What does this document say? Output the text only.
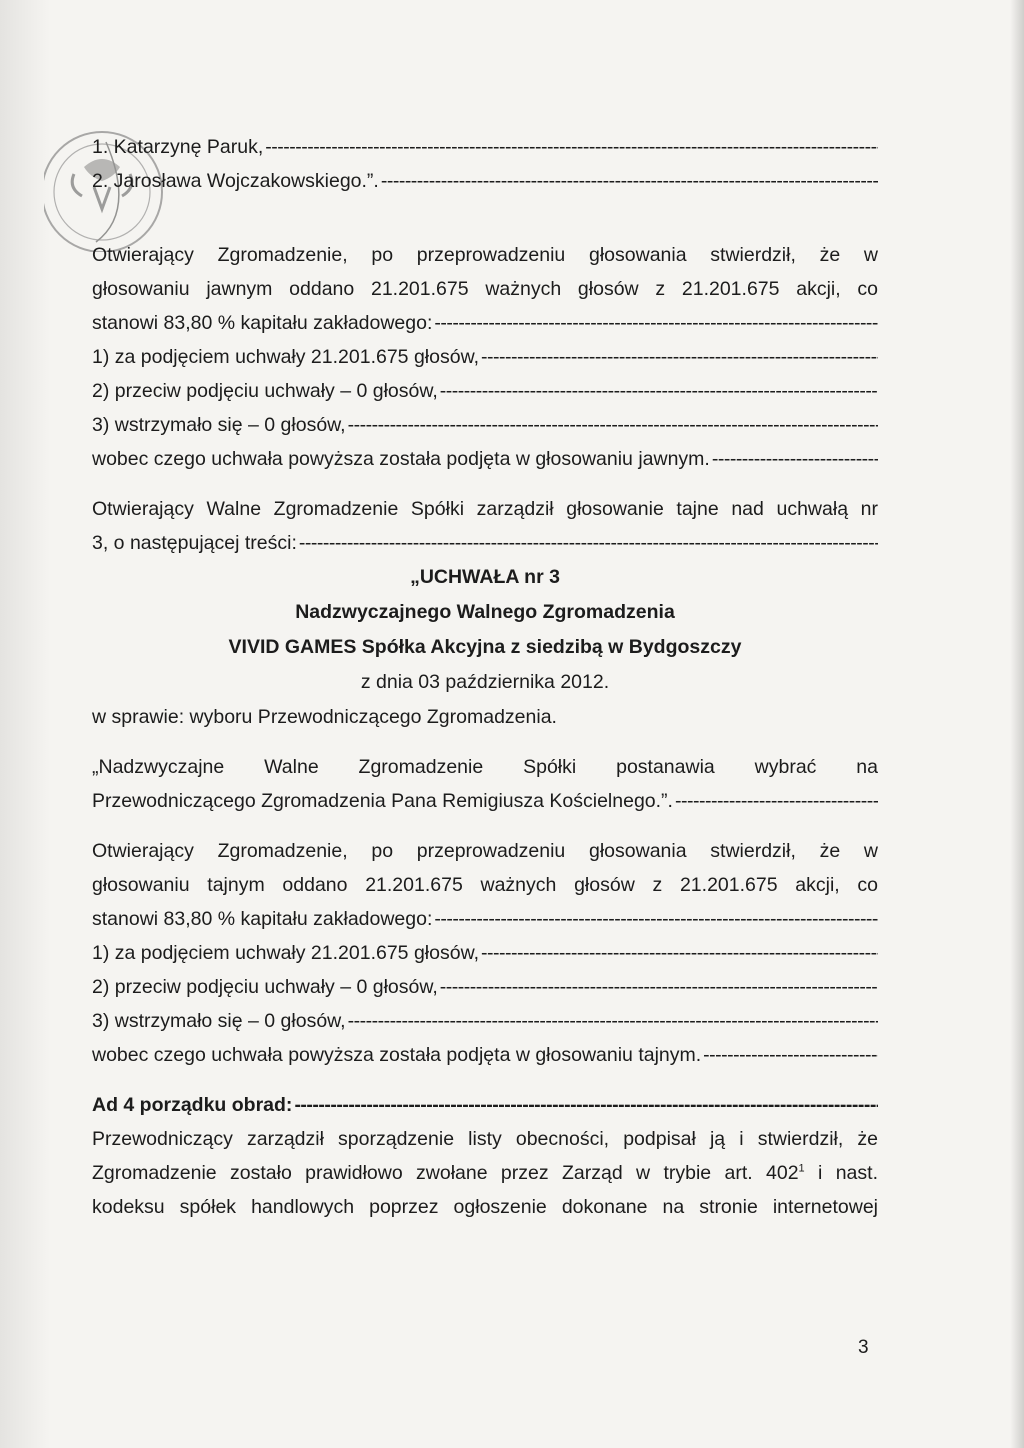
1. Katarzynę Paruk,
-----
2. Jarosława Wojczakowskiego.”.
-----
Otwierający Zgromadzenie, po przeprowadzeniu głosowania stwierdził, że w
głosowaniu jawnym oddano 21.201.675 ważnych głosów z 21.201.675 akcji, co
stanowi 83,80 % kapitału zakładowego:
-----
1) za podjęciem uchwały 21.201.675 głosów,
-----
2) przeciw podjęciu uchwały – 0 głosów,
-----
3) wstrzymało się – 0 głosów,
-----
wobec czego uchwała powyższa została podjęta w głosowaniu jawnym.
-----
Otwierający Walne Zgromadzenie Spółki zarządził głosowanie tajne nad uchwałą nr
3, o następującej treści:
-----
„UCHWAŁA nr 3
Nadzwyczajnego Walnego Zgromadzenia
VIVID GAMES Spółka Akcyjna z siedzibą w Bydgoszczy
z dnia 03 października 2012.
w sprawie: wyboru Przewodniczącego Zgromadzenia.
„Nadzwyczajne Walne Zgromadzenie Spółki postanawia wybrać na
Przewodniczącego Zgromadzenia Pana Remigiusza Kościelnego.”.
-----
Otwierający Zgromadzenie, po przeprowadzeniu głosowania stwierdził, że w
głosowaniu tajnym oddano 21.201.675 ważnych głosów z 21.201.675 akcji, co
stanowi 83,80 % kapitału zakładowego:
-----
1) za podjęciem uchwały 21.201.675 głosów,
-----
2) przeciw podjęciu uchwały – 0 głosów,
-----
3) wstrzymało się – 0 głosów,
-----
wobec czego uchwała powyższa została podjęta w głosowaniu tajnym.
-----
Ad 4 porządku obrad:
-----
Przewodniczący zarządził sporządzenie listy obecności, podpisał ją i stwierdził, że
Zgromadzenie zostało prawidłowo zwołane przez Zarząd w trybie art. $402^1$ i nast.
kodeksu spółek handlowych poprzez ogłoszenie dokonane na stronie internetowej
3
